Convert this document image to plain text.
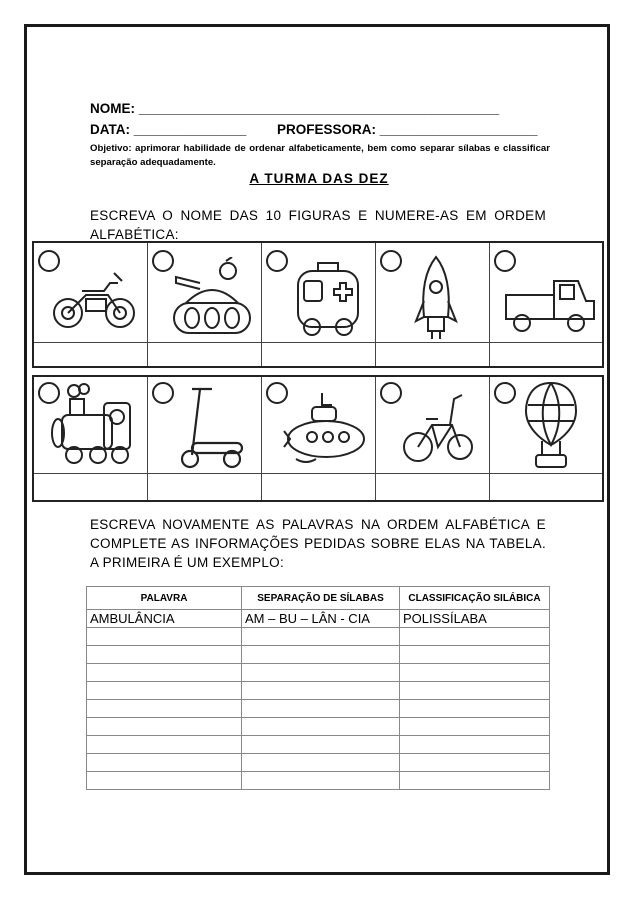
NOME: ________________________________________________
DATA: _______________ PROFESSORA: _____________________
Objetivo: aprimorar habilidade de ordenar alfabeticamente, bem como separar sílabas e classificar separação adequadamente.
A TURMA DAS DEZ
ESCREVA O NOME DAS 10 FIGURAS E NUMERE-AS EM ORDEM ALFABÉTICA:
ESCREVA NOVAMENTE AS PALAVRAS NA ORDEM ALFABÉTICA E COMPLETE AS INFORMAÇÕES PEDIDAS SOBRE ELAS NA TABELA. A PRIMEIRA É UM EXEMPLO:
PALAVRA	SEPARAÇÃO DE SÍLABAS	CLASSIFICAÇÃO SILÁBICA
AMBULÂNCIA	AM – BU – LÂN - CIA	POLISSÍLABA
